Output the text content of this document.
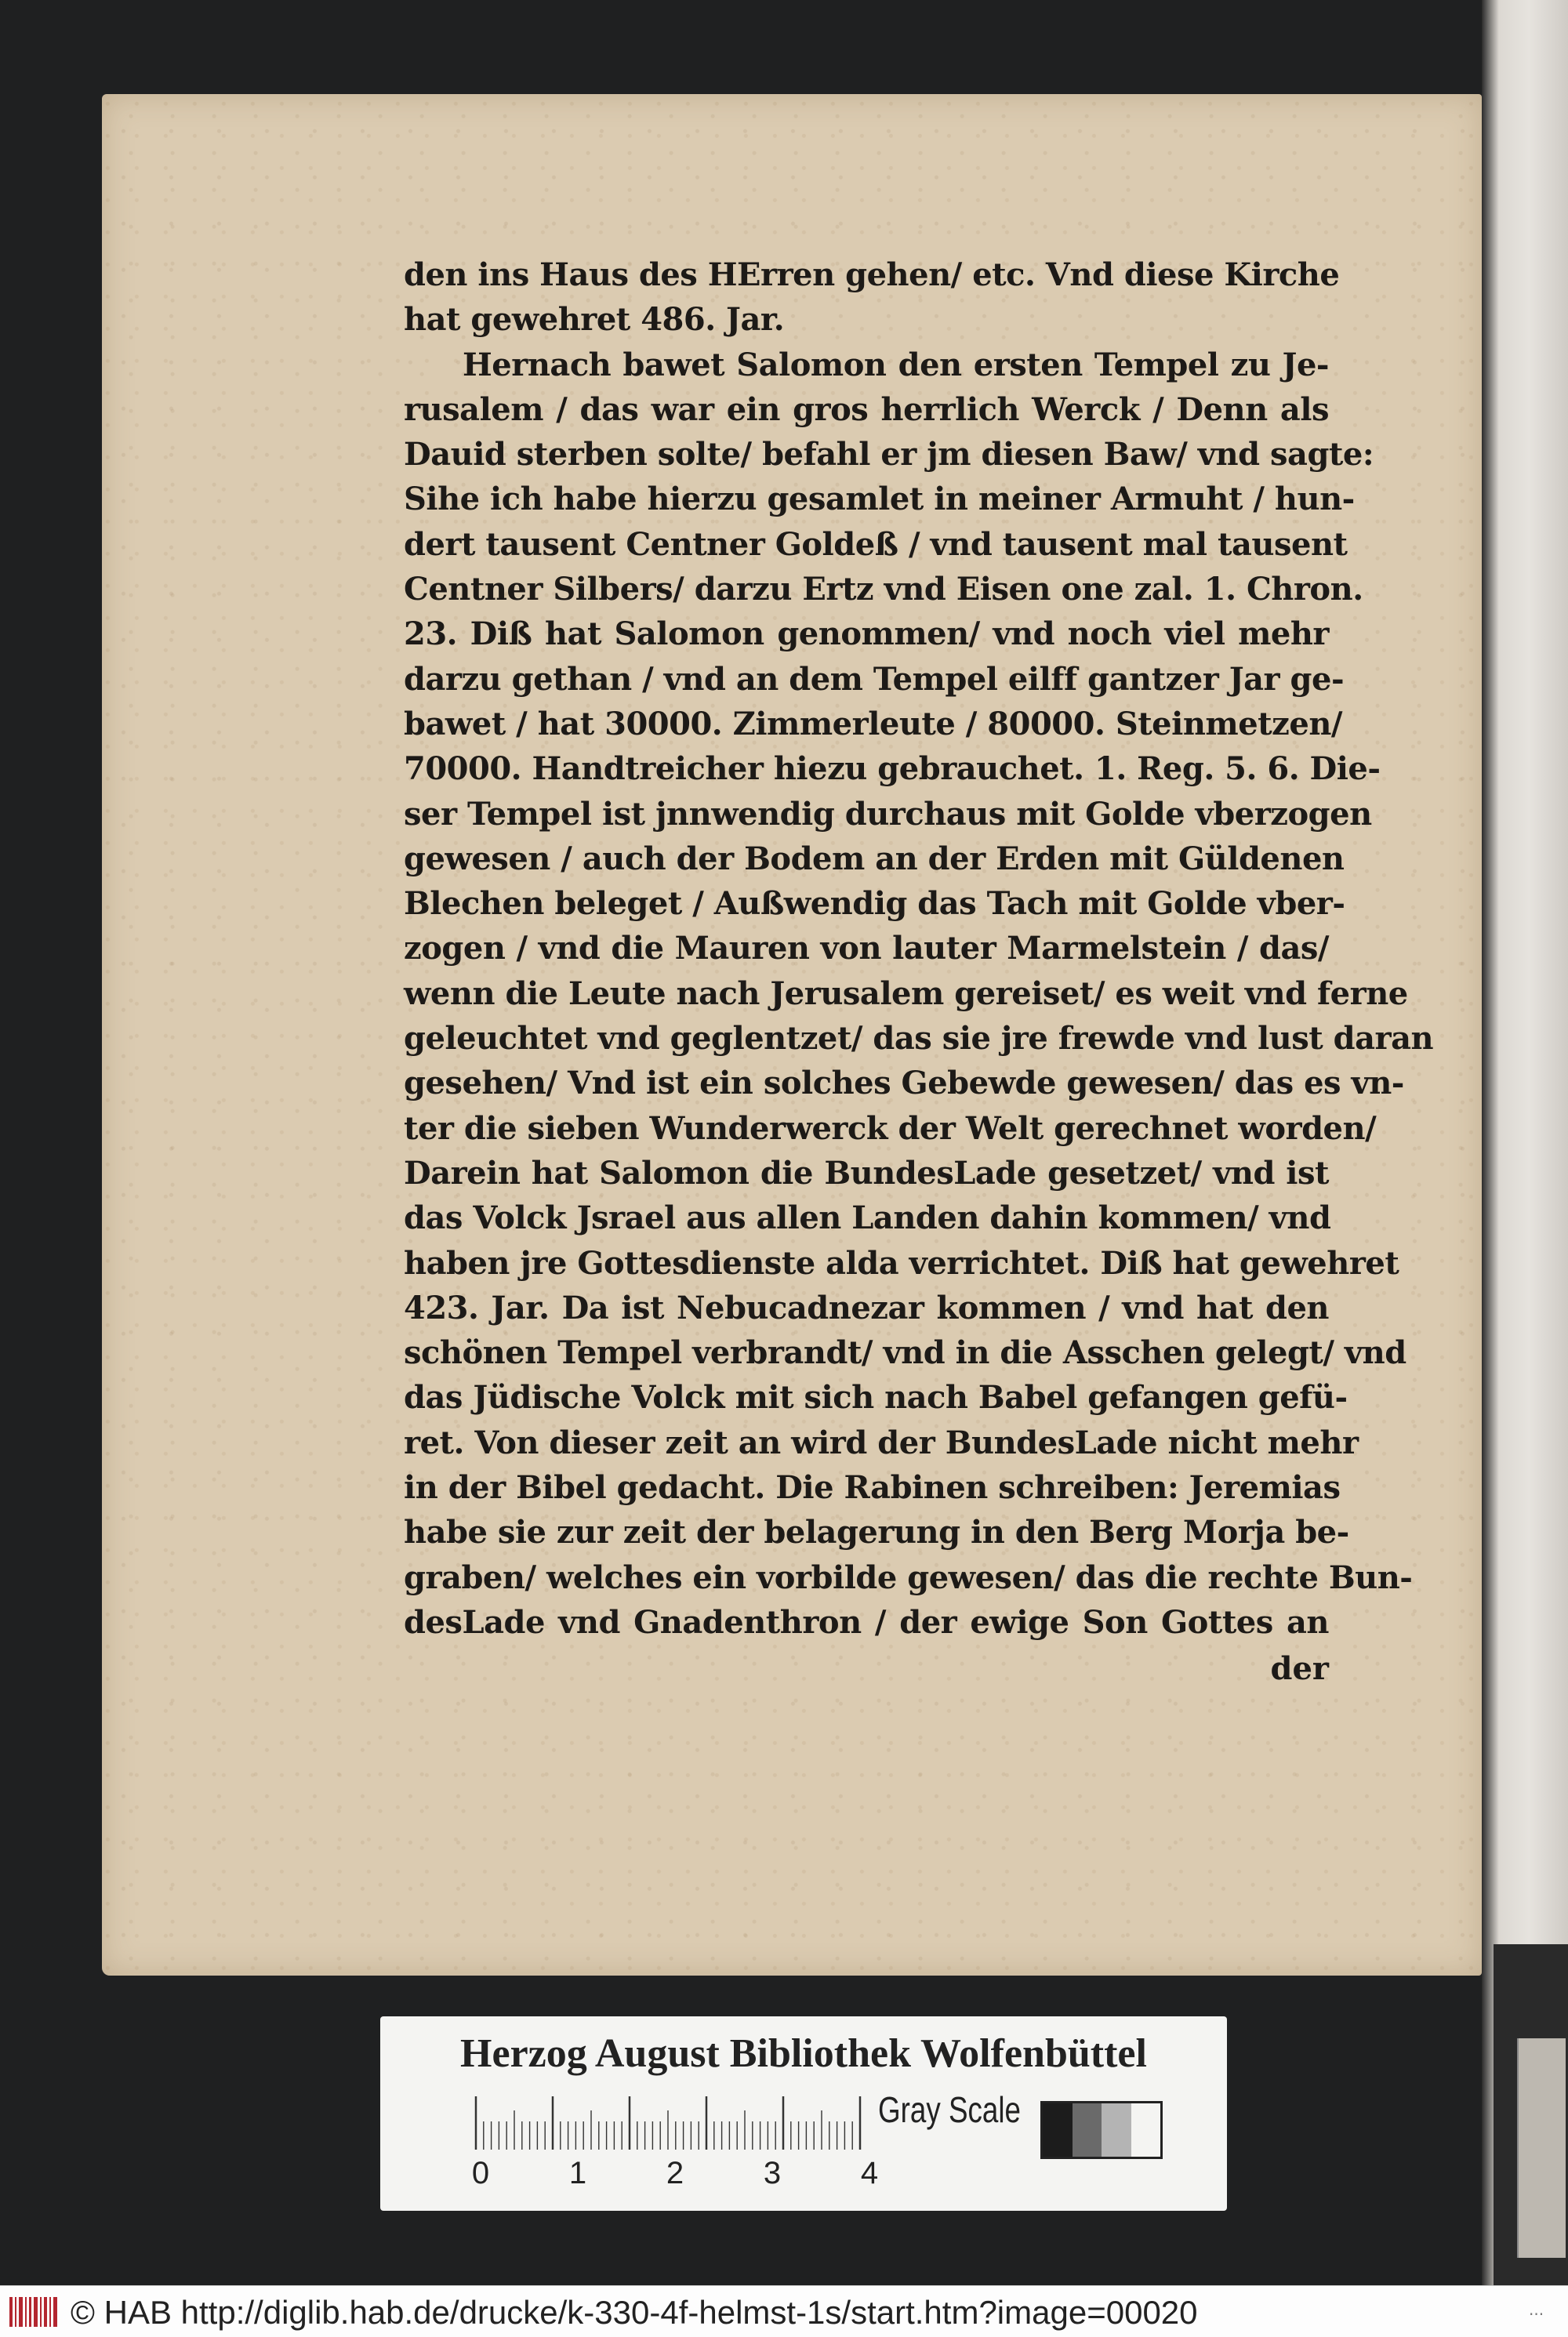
den ins Haus des HErren gehen/ etc. Vnd diese Kirche
hat gewehret 486. Jar.
Hernach bawet Salomon den ersten Tempel zu Je-
rusalem / das war ein gros herrlich Werck / Denn als
Dauid sterben solte/ befahl er jm diesen Baw/ vnd sagte:
Sihe ich habe hierzu gesamlet in meiner Armuht / hun-
dert tausent Centner Goldeß / vnd tausent mal tausent
Centner Silbers/ darzu Ertz vnd Eisen one zal. 1. Chron.
23. Diß hat Salomon genommen/ vnd noch viel mehr
darzu gethan / vnd an dem Tempel eilff gantzer Jar ge-
bawet / hat 30000. Zimmerleute / 80000. Steinmetzen/
70000. Handtreicher hiezu gebrauchet. 1. Reg. 5. 6. Die-
ser Tempel ist jnnwendig durchaus mit Golde vberzogen
gewesen / auch der Bodem an der Erden mit Güldenen
Blechen beleget / Außwendig das Tach mit Golde vber-
zogen / vnd die Mauren von lauter Marmelstein / das/
wenn die Leute nach Jerusalem gereiset/ es weit vnd ferne
geleuchtet vnd geglentzet/ das sie jre frewde vnd lust daran
gesehen/ Vnd ist ein solches Gebewde gewesen/ das es vn-
ter die sieben Wunderwerck der Welt gerechnet worden/
Darein hat Salomon die BundesLade gesetzet/ vnd ist
das Volck Jsrael aus allen Landen dahin kommen/ vnd
haben jre Gottesdienste alda verrichtet. Diß hat gewehret
423. Jar. Da ist Nebucadnezar kommen / vnd hat den
schönen Tempel verbrandt/ vnd in die Asschen gelegt/ vnd
das Jüdische Volck mit sich nach Babel gefangen gefü-
ret. Von dieser zeit an wird der BundesLade nicht mehr
in der Bibel gedacht. Die Rabinen schreiben: Jeremias
habe sie zur zeit der belagerung in den Berg Morja be-
graben/ welches ein vorbilde gewesen/ das die rechte Bun-
desLade vnd Gnadenthron / der ewige Son Gottes an
der
Herzog August Bibliothek Wolfenbüttel
0	1	2	3	4
Gray Scale
© HAB http://diglib.hab.de/drucke/k-330-4f-helmst-1s/start.htm?image=00020	...
